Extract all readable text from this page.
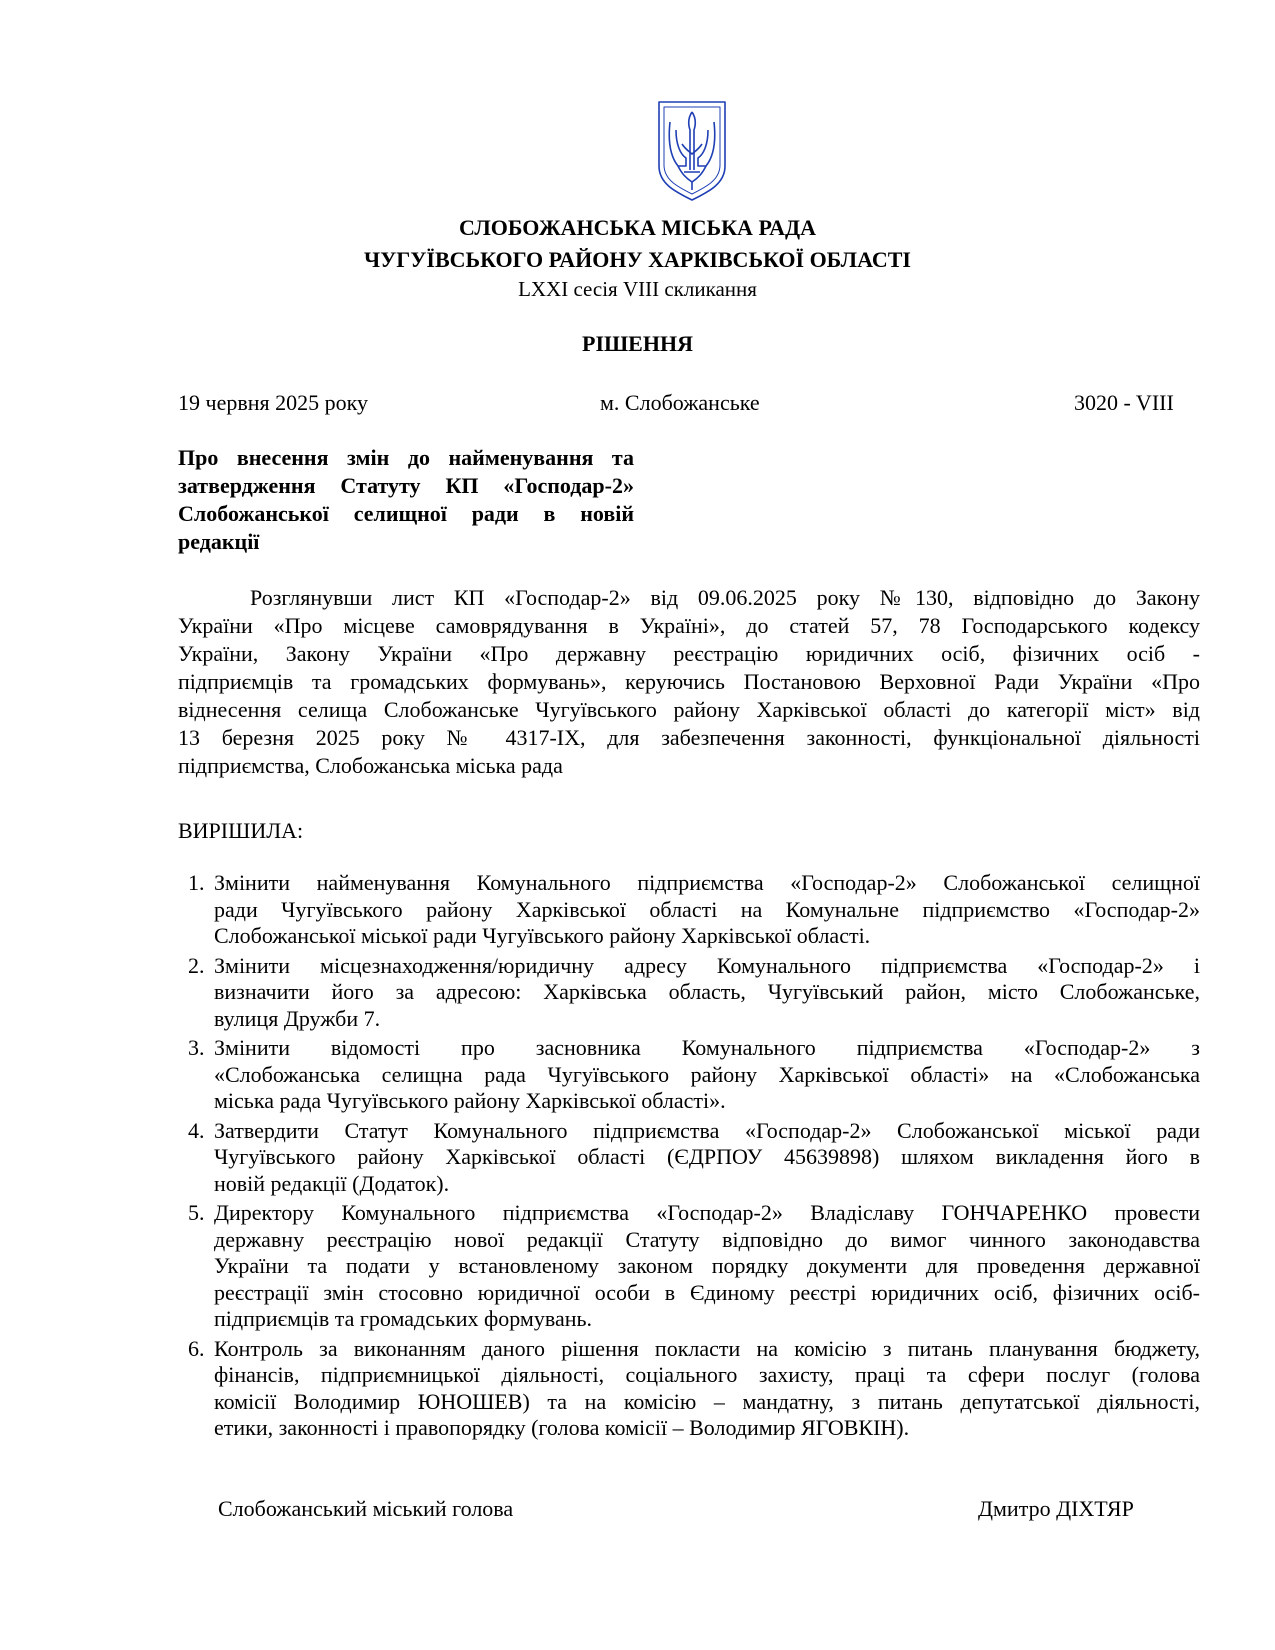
СЛОБОЖАНСЬКА МІСЬКА РАДА
ЧУГУЇВСЬКОГО РАЙОНУ ХАРКІВСЬКОЇ ОБЛАСТІ
LXXI сесія VIII скликання
РІШЕННЯ
19 червня 2025 року	м. Слобожанське	3020 - VIII
Про внесення змін до найменування та
затвердження Статуту КП «Господар-2»
Слобожанської селищної ради в новій
редакції
Розглянувши лист КП «Господар-2» від 09.06.2025 року №130, відповідно до Закону
України «Про місцеве самоврядування в Україні», до статей 57, 78 Господарського кодексу
України, Закону України «Про державну реєстрацію юридичних осіб, фізичних осіб -
підприємців та громадських формувань», керуючись Постановою Верховної Ради України «Про
віднесення селища Слобожанське Чугуївського району Харківської області до категорії міст» від
13 березня 2025 року № 4317-IX, для забезпечення законності, функціональної діяльності
підприємства, Слобожанська міська рада
ВИРІШИЛА:
1. Змінити найменування Комунального підприємства «Господар-2» Слобожанської селищної
ради Чугуївського району Харківської області на Комунальне підприємство «Господар-2»
Слобожанської міської ради Чугуївського району Харківської області.
2. Змінити місцезнаходження/юридичну адресу Комунального підприємства «Господар-2» і
визначити його за адресою: Харківська область, Чугуївський район, місто Слобожанське,
вулиця Дружби 7.
3. Змінити відомості про засновника Комунального підприємства «Господар-2» з
«Слобожанська селищна рада Чугуївського району Харківської області» на «Слобожанська
міська рада Чугуївського району Харківської області».
4. Затвердити Статут Комунального підприємства «Господар-2» Слобожанської міської ради
Чугуївського району Харківської області (ЄДРПОУ 45639898) шляхом викладення його в
новій редакції (Додаток).
5. Директору Комунального підприємства «Господар-2» Владіславу ГОНЧАРЕНКО провести
державну реєстрацію нової редакції Статуту відповідно до вимог чинного законодавства
України та подати у встановленому законом порядку документи для проведення державної
реєстрації змін стосовно юридичної особи в Єдиному реєстрі юридичних осіб, фізичних осіб-
підприємців та громадських формувань.
6. Контроль за виконанням даного рішення покласти на комісію з питань планування бюджету,
фінансів, підприємницької діяльності, соціального захисту, праці та сфери послуг (голова
комісії Володимир ЮНОШЕВ) та на комісію – мандатну, з питань депутатської діяльності,
етики, законності і правопорядку (голова комісії – Володимир ЯГОВКІН).
Слобожанський міський голова	Дмитро ДІХТЯР
